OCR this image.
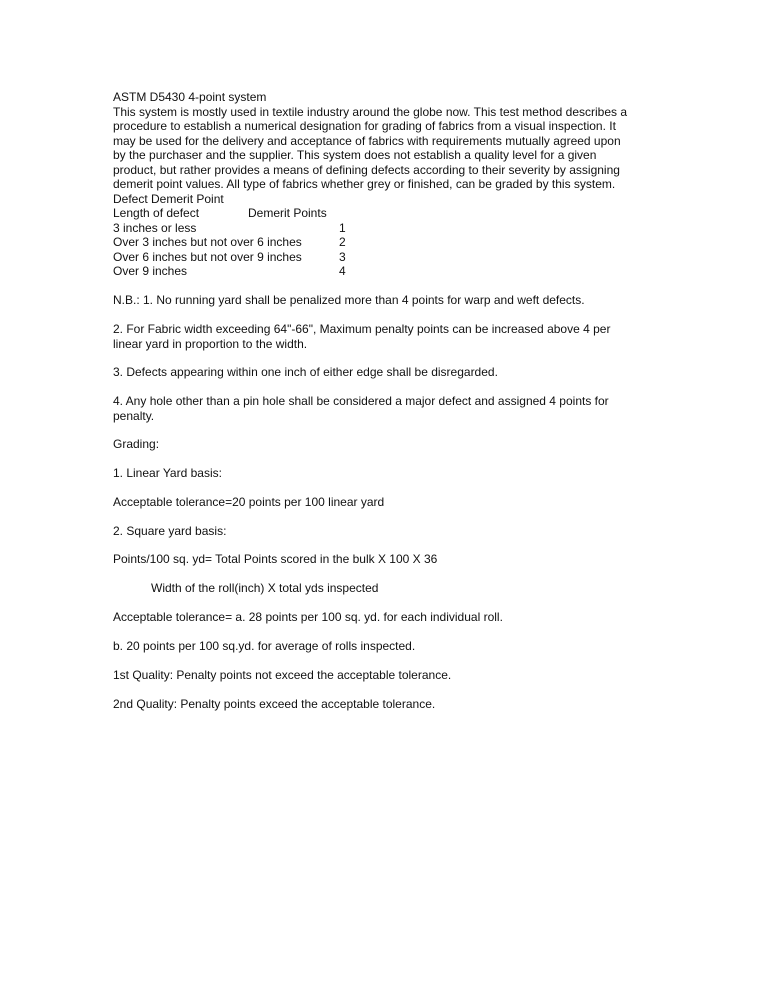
ASTM D5430 4-point system
This system is mostly used in textile industry around the globe now. This test method describes a
procedure to establish a numerical designation for grading of fabrics from a visual inspection. It
may be used for the delivery and acceptance of fabrics with requirements mutually agreed upon
by the purchaser and the supplier. This system does not establish a quality level for a given
product, but rather provides a means of defining defects according to their severity by assigning
demerit point values. All type of fabrics whether grey or finished, can be graded by this system.
Defect Demerit Point
Length of defect	Demerit Points
3 inches or less	1
Over 3 inches but not over 6 inches	2
Over 6 inches but not over 9 inches	3
Over 9 inches	4
N.B.: 1. No running yard shall be penalized more than 4 points for warp and weft defects.
2. For Fabric width exceeding 64"-66", Maximum penalty points can be increased above 4 per
linear yard in proportion to the width.
3. Defects appearing within one inch of either edge shall be disregarded.
4. Any hole other than a pin hole shall be considered a major defect and assigned 4 points for
penalty.
Grading:
1. Linear Yard basis:
Acceptable tolerance=20 points per 100 linear yard
2. Square yard basis:
Points/100 sq. yd= Total Points scored in the bulk X 100 X 36
Width of the roll(inch) X total yds inspected
Acceptable tolerance= a. 28 points per 100 sq. yd. for each individual roll.
b. 20 points per 100 sq.yd. for average of rolls inspected.
1st Quality: Penalty points not exceed the acceptable tolerance.
2nd Quality: Penalty points exceed the acceptable tolerance.
